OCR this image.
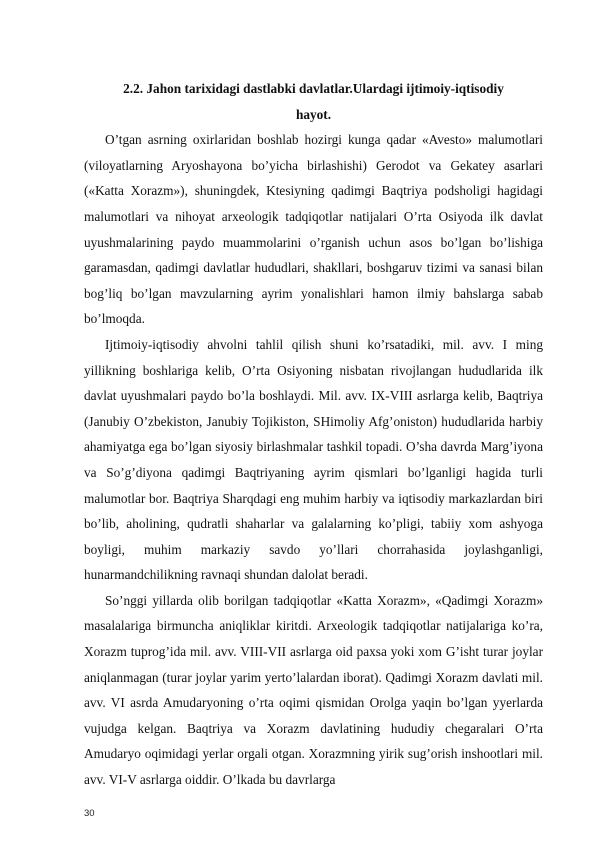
2.2. Jahon tarixidagi dastlabki davlatlar.Ulardagi ijtimoiy-iqtisodiy hayot.

O’tgan asrning oxirlaridan boshlab hozirgi kunga qadar «Avesto» malumotlari (viloyatlarning Aryoshayona bo’yicha birlashishi) Gerodot va Gekatey asarlari («Katta Xorazm»), shuningdek, Ktesiyning qadimgi Baqtriya podsholigi hagidagi malumotlari va nihoyat arxeologik tadqiqotlar natijalari O’rta Osiyoda ilk davlat uyushmalarining paydo muammolarini o’rganish uchun asos bo’lgan bo’lishiga garamasdan, qadimgi davlatlar hududlari, shakllari, boshgaruv tizimi va sanasi bilan bog’liq bo’lgan mavzularning ayrim yonalishlari hamon ilmiy bahslarga sabab bo’lmoqda.

Ijtimoiy-iqtisodiy ahvolni tahlil qilish shuni ko’rsatadiki, mil. avv. I ming yillikning boshlariga kelib, O’rta Osiyoning nisbatan rivojlangan hududlarida ilk davlat uyushmalari paydo bo’la boshlaydi. Mil. avv. IX-VIII asrlarga kelib, Baqtriya (Janubiy O’zbekiston, Janubiy Tojikiston, SHimoliy Afg’oniston) hududlarida harbiy ahamiyatga ega bo’lgan siyosiy birlashmalar tashkil topadi. O’sha davrda Marg’iyona va So’g’diyona qadimgi Baqtriyaning ayrim qismlari bo’lganligi hagida turli malumotlar bor. Baqtriya Sharqdagi eng muhim harbiy va iqtisodiy markazlardan biri bo’lib, aholining, qudratli shaharlar va galalarning ko’pligi, tabiiy xom ashyoga boyligi, muhim markaziy savdo yo’llari chorrahasida joylashganligi, hunarmandchilikning ravnaqi shundan dalolat beradi.

So’nggi yillarda olib borilgan tadqiqotlar «Katta Xorazm», «Qadimgi Xorazm» masalalariga birmuncha aniqliklar kiritdi. Arxeologik tadqiqotlar natijalariga ko’ra, Xorazm tuprog’ida mil. avv. VIII-VII asrlarga oid paxsa yoki xom G’isht turar joylar aniqlanmagan (turar joylar yarim yerto’lalardan iborat). Qadimgi Xorazm davlati mil. avv. VI asrda Amudaryoning o’rta oqimi qismidan Orolga yaqin bo’lgan yyerlarda vujudga kelgan. Baqtriya va Xorazm davlatining hududiy chegaralari O’rta Amudaryo oqimidagi yerlar orgali otgan. Xorazmning yirik sug’orish inshootlari mil. avv. VI-V asrlarga oiddir. O’lkada bu davrlarga

30
